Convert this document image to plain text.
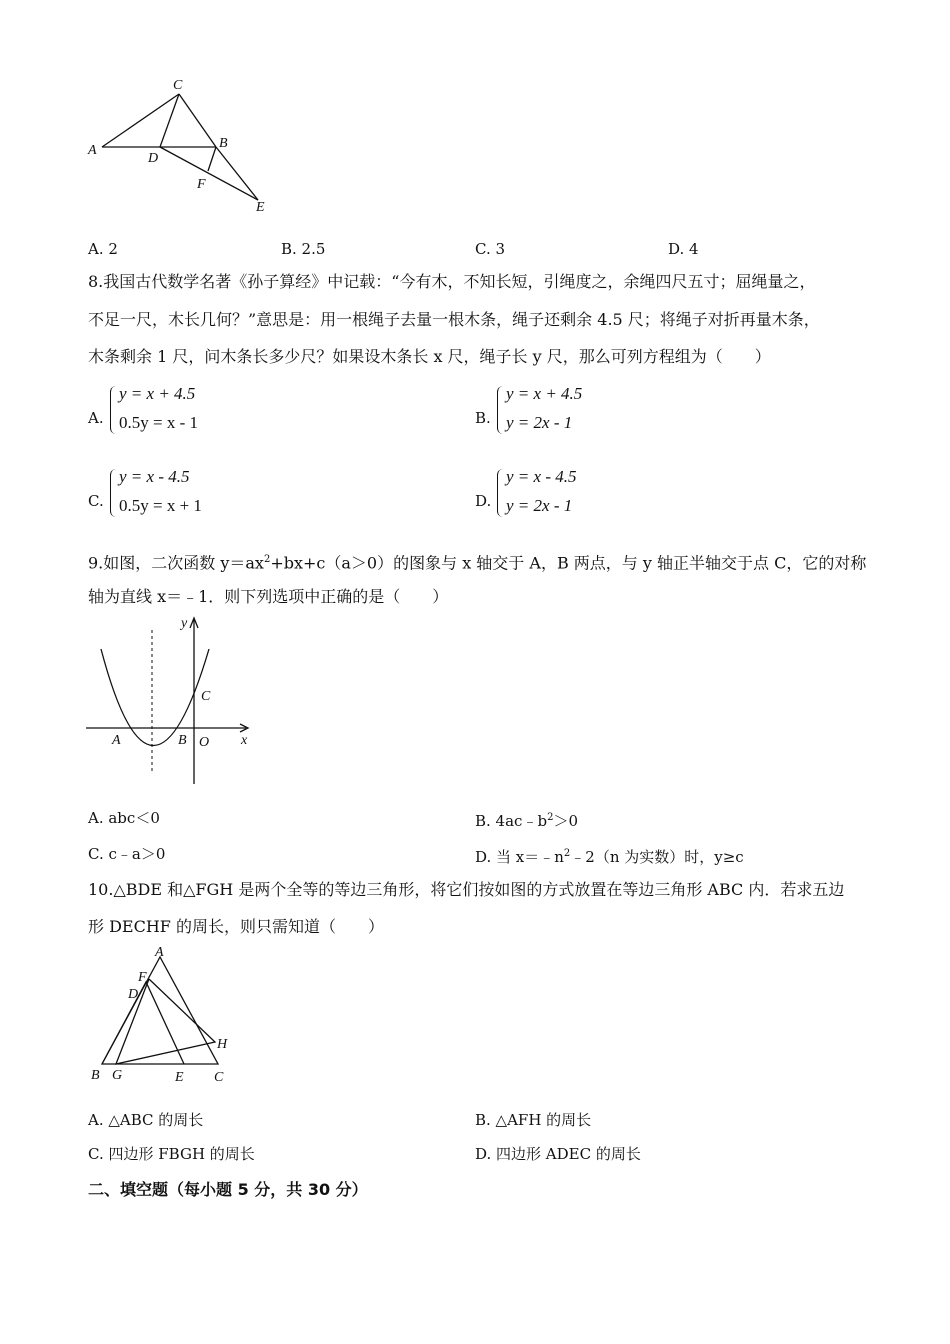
A
C
D
B
F
E
A. 2	B. 2.5	C. 3	D. 4
8.我国古代数学名著《孙子算经》中记载：“今有木，不知长短，引绳度之，余绳四尺五寸；屈绳量之，
不足一尺，木长几何？”意思是：用一根绳子去量一根木条，绳子还剩余 4.5 尺；将绳子对折再量木条，
木条剩余 1 尺，问木条长多少尺？如果设木条长 x 尺，绳子长 y 尺，那么可列方程组为（　　）
A.
y = x + 4.5
0.5y = x - 1	B.
y = x + 4.5
y = 2x - 1
C.
y = x - 4.5
0.5y = x + 1	D.
y = x - 4.5
y = 2x - 1
9.如图，二次函数 $y=ax^2+bx+c(a>0)$的图象与 x 轴交于 A，B 两点，与 y 轴正半轴交于点 C，它的对称
轴为直线 x＝﹣1．则下列选项中正确的是（　　）
y
x
A	B O
C
A. abc＜0	B. $4ac﹣b^2>0$
C. c﹣a＞0	D. 当 $x=﹣n^2﹣2(n$ 为实数）时，y≥c
10.△BDE 和△FGH 是两个全等的等边三角形，将它们按如图的方式放置在等边三角形 ABC 内．若求五边
形 DECHF 的周长，则只需知道（　　）
A
F
D
H
B G	E C
A. △ABC 的周长	B. △AFH 的周长
C. 四边形 FBGH 的周长	D. 四边形 ADEC 的周长
二、填空题（每小题 5 分，共 30 分）
